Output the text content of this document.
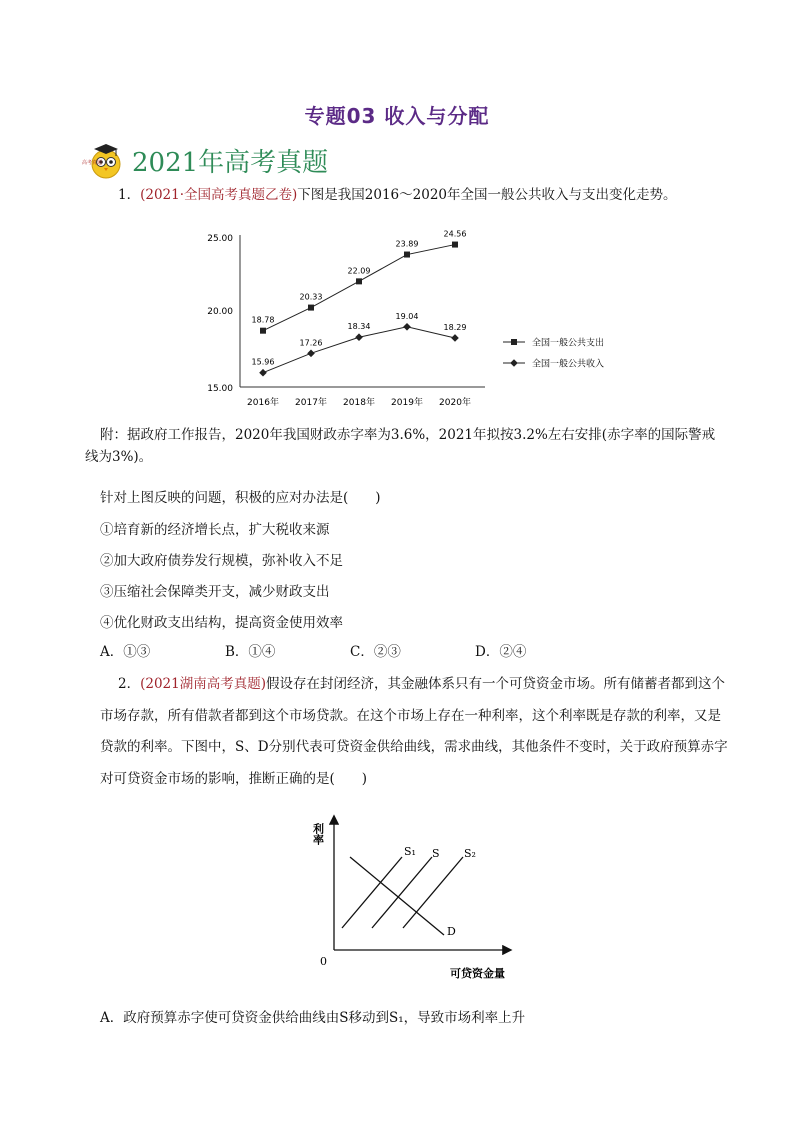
专题03 收入与分配
高考真题 2021年高考真题
1．(2021·全国高考真题乙卷)下图是我国2016～2020年全国一般公共收入与支出变化走势。
25.00
20.00
15.00
2016年 2017年 2018年 2019年 2020年
18.78
20.33
22.09
23.89
24.56
15.96
17.26
18.34
19.04
18.29
全国一般公共支出
全国一般公共收入
附：据政府工作报告，2020年我国财政赤字率为3.6%，2021年拟按3.2%左右安排(赤字率的国际警戒
线为3%)。
针对上图反映的问题，积极的应对办法是(　　)
①培育新的经济增长点，扩大税收来源
②加大政府债券发行规模，弥补收入不足
③压缩社会保障类开支，减少财政支出
④优化财政支出结构，提高资金使用效率
A．①③	B．①④	C．②③	D．②④
2．(2021湖南高考真题)假设存在封闭经济，其金融体系只有一个可贷资金市场。所有储蓄者都到这个
市场存款，所有借款者都到这个市场贷款。在这个市场上存在一种利率，这个利率既是存款的利率，又是
贷款的利率。下图中，S、D分别代表可贷资金供给曲线，需求曲线，其他条件不变时，关于政府预算赤字
对可贷资金市场的影响，推断正确的是(　　)
利率
可贷资金量
0
S₁ S S₂
D
A．政府预算赤字使可贷资金供给曲线由S移动到S₁，导致市场利率上升
